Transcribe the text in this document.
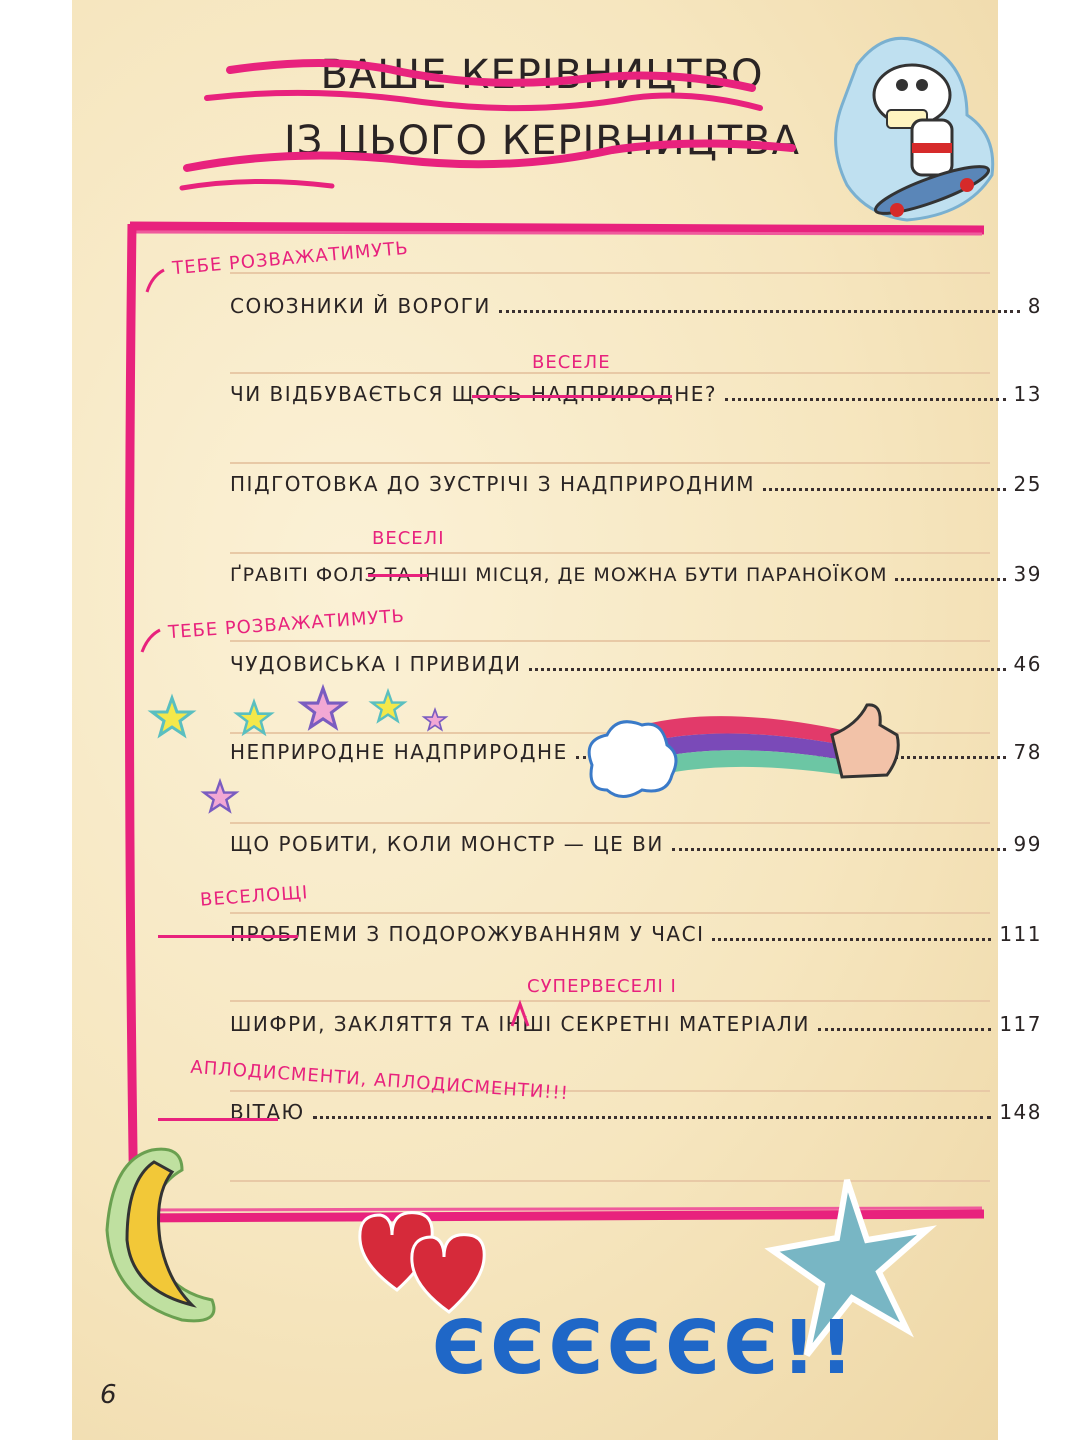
ВАШЕ КЕРІВНИЦТВО
ІЗ ЦЬОГО КЕРІВНИЦТВА
СОЮЗНИКИ Й ВОРОГИ	8
ЧИ ВІДБУВАЄТЬСЯ ЩОСЬ НАДПРИРОДНЕ?	13
ПІДГОТОВКА ДО ЗУСТРІЧІ З НАДПРИРОДНИМ	25
ҐРАВІТІ ФОЛЗ ТА ІНШІ МІСЦЯ, ДЕ МОЖНА БУТИ ПАРАНОЇКОМ	39
ЧУДОВИСЬКА І ПРИВИДИ	46
НЕПРИРОДНЕ НАДПРИРОДНЕ	78
ЩО РОБИТИ, КОЛИ МОНСТР — ЦЕ ВИ	99
ПРОБЛЕМИ З ПОДОРОЖУВАННЯМ У ЧАСІ	111
ШИФРИ, ЗАКЛЯТТЯ ТА ІНШІ СЕКРЕТНІ МАТЕРІАЛИ	117
ВІТАЮ	148
ТЕБЕ РОЗВАЖАТИМУТЬ
ВЕСЕЛЕ
ВЕСЕЛІ
ТЕБЕ РОЗВАЖАТИМУТЬ
ВЕСЕЛОЩІ
СУПЕРВЕСЕЛІ І
АПЛОДИСМЕНТИ, АПЛОДИСМЕНТИ!!!
ЄЄЄЄЄЄ!!
6
